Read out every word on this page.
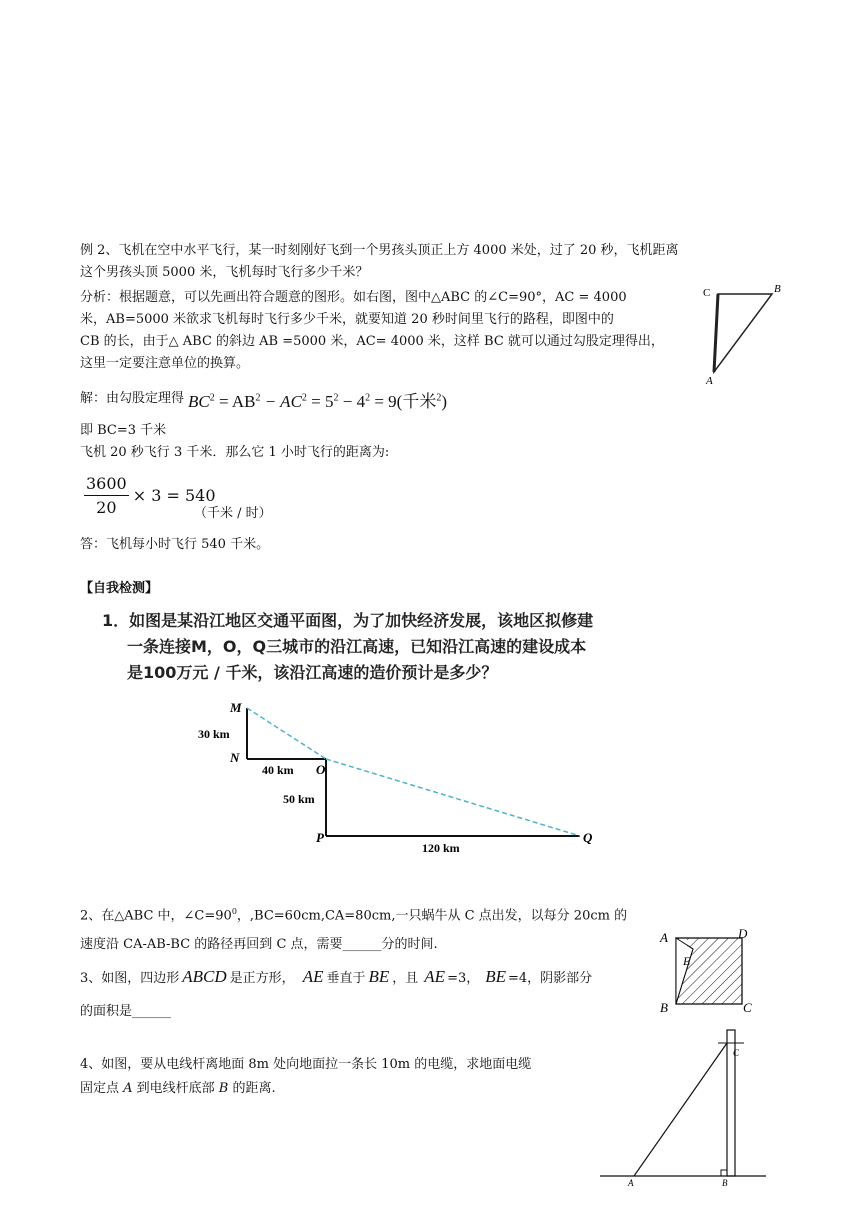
例 2、飞机在空中水平飞行，某一时刻刚好飞到一个男孩头顶正上方 4000 米处，过了 20 秒，飞机距离
这个男孩头顶 5000 米，飞机每时飞行多少千米？
分析：根据题意，可以先画出符合题意的图形。如右图，图中△ABC 的∠C=90°，AC = 4000
米，AB=5000 米欲求飞机每时飞行多少千米，就要知道 20 秒时间里飞行的路程，即图中的
CB 的长，由于△ ABC 的斜边 AB =5000 米，AC= 4000 米，这样 BC 就可以通过勾股定理得出，
这里一定要注意单位的换算。
C	B
A
解：由勾股定理得 $BC^2 = AB^2 - AC^2 = 5^2 - 4^2 = 9$(千米$^2$)
即 BC=3 千米
飞机 20 秒飞行 3 千米．那么它 1 小时飞行的距离为:
$\frac{3600}{20} \times 3 = 540$
（千米 / 时）
答：飞机每小时飞行 540 千米。
【自我检测】
1．如图是某沿江地区交通平面图，为了加快经济发展，该地区拟修建
一条连接M，O，Q三城市的沿江高速，已知沿江高速的建设成本
是100万元 / 千米，该沿江高速的造价预计是多少？
M
N
O
P	Q
30 km
40 km
50 km
120 km
2、在△ABC 中，$\angle C=90^0$，,BC=60cm,CA=80cm,一只蜗牛从 C 点出发，以每分 20cm 的
速度沿 CA-AB-BC 的路径再回到 C 点，需要______分的时间.
3、如图，四边形 ABCD 是正方形， AE 垂直于 BE ，且 AE =3， BE =4，阴影部分
的面积是______
A	D
E
B	C
4、如图，要从电线杆离地面 8m 处向地面拉一条长 10m 的电缆，求地面电缆
固定点 A 到电线杆底部 B 的距离.
C
A	B
